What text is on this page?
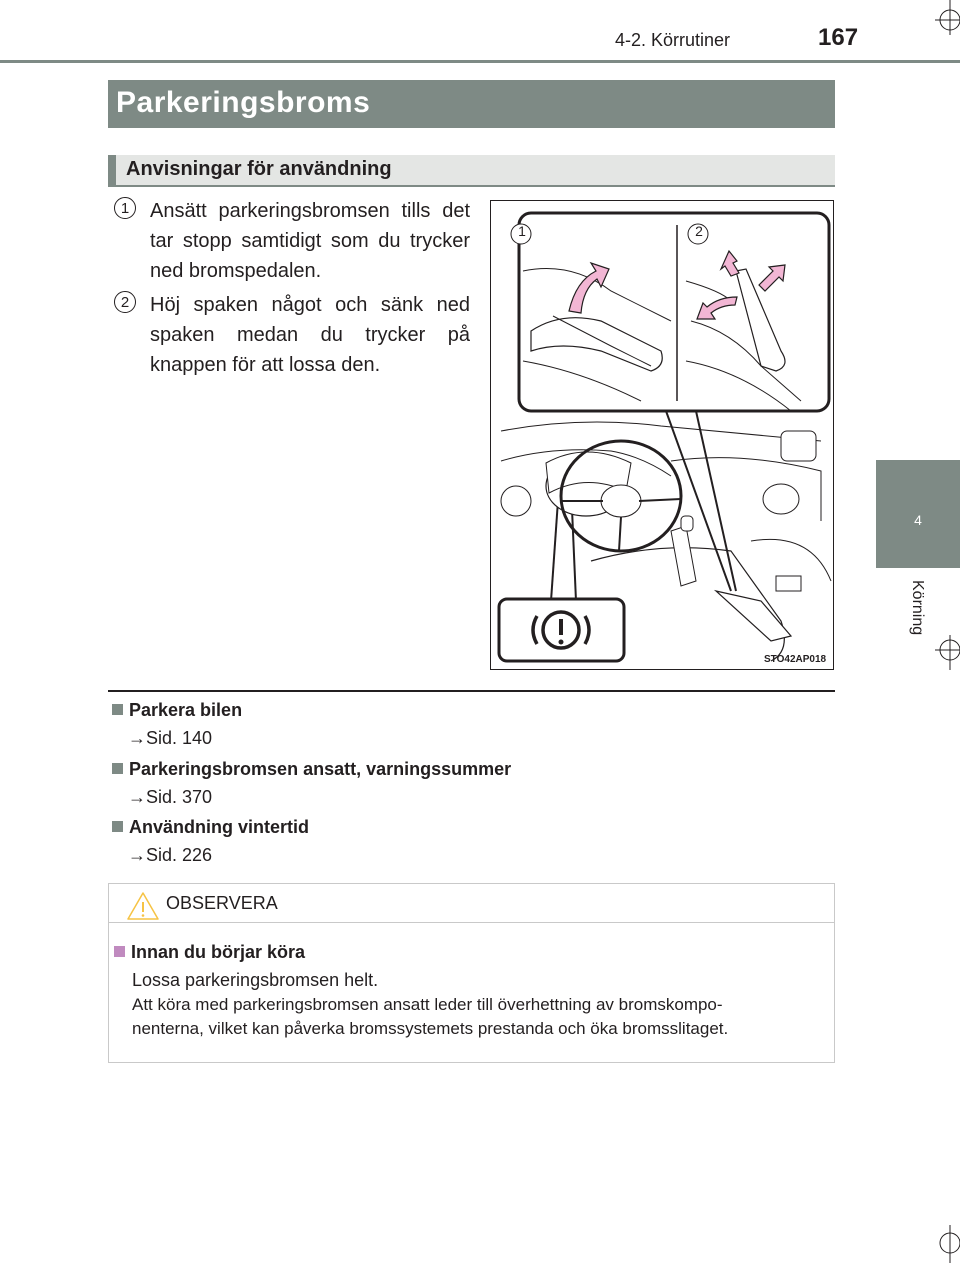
4-2. Körrutiner	167
4
Körning
Parkeringsbroms
Anvisningar för användning
1	Ansätt parkeringsbromsen tills det tar stopp samtidigt som du trycker ned bromspedalen.
2	Höj spaken något och sänk ned spaken medan du trycker på knappen för att lossa den.
1	2
STO42AP018
Parkera bilen
→Sid. 140
Parkeringsbromsen ansatt, varningssummer
→Sid. 370
Användning vintertid
→Sid. 226
OBSERVERA
Innan du börjar köra
Lossa parkeringsbromsen helt.
Att köra med parkeringsbromsen ansatt leder till överhettning av bromskompo-
nenterna, vilket kan påverka bromssystemets prestanda och öka bromsslitaget.
